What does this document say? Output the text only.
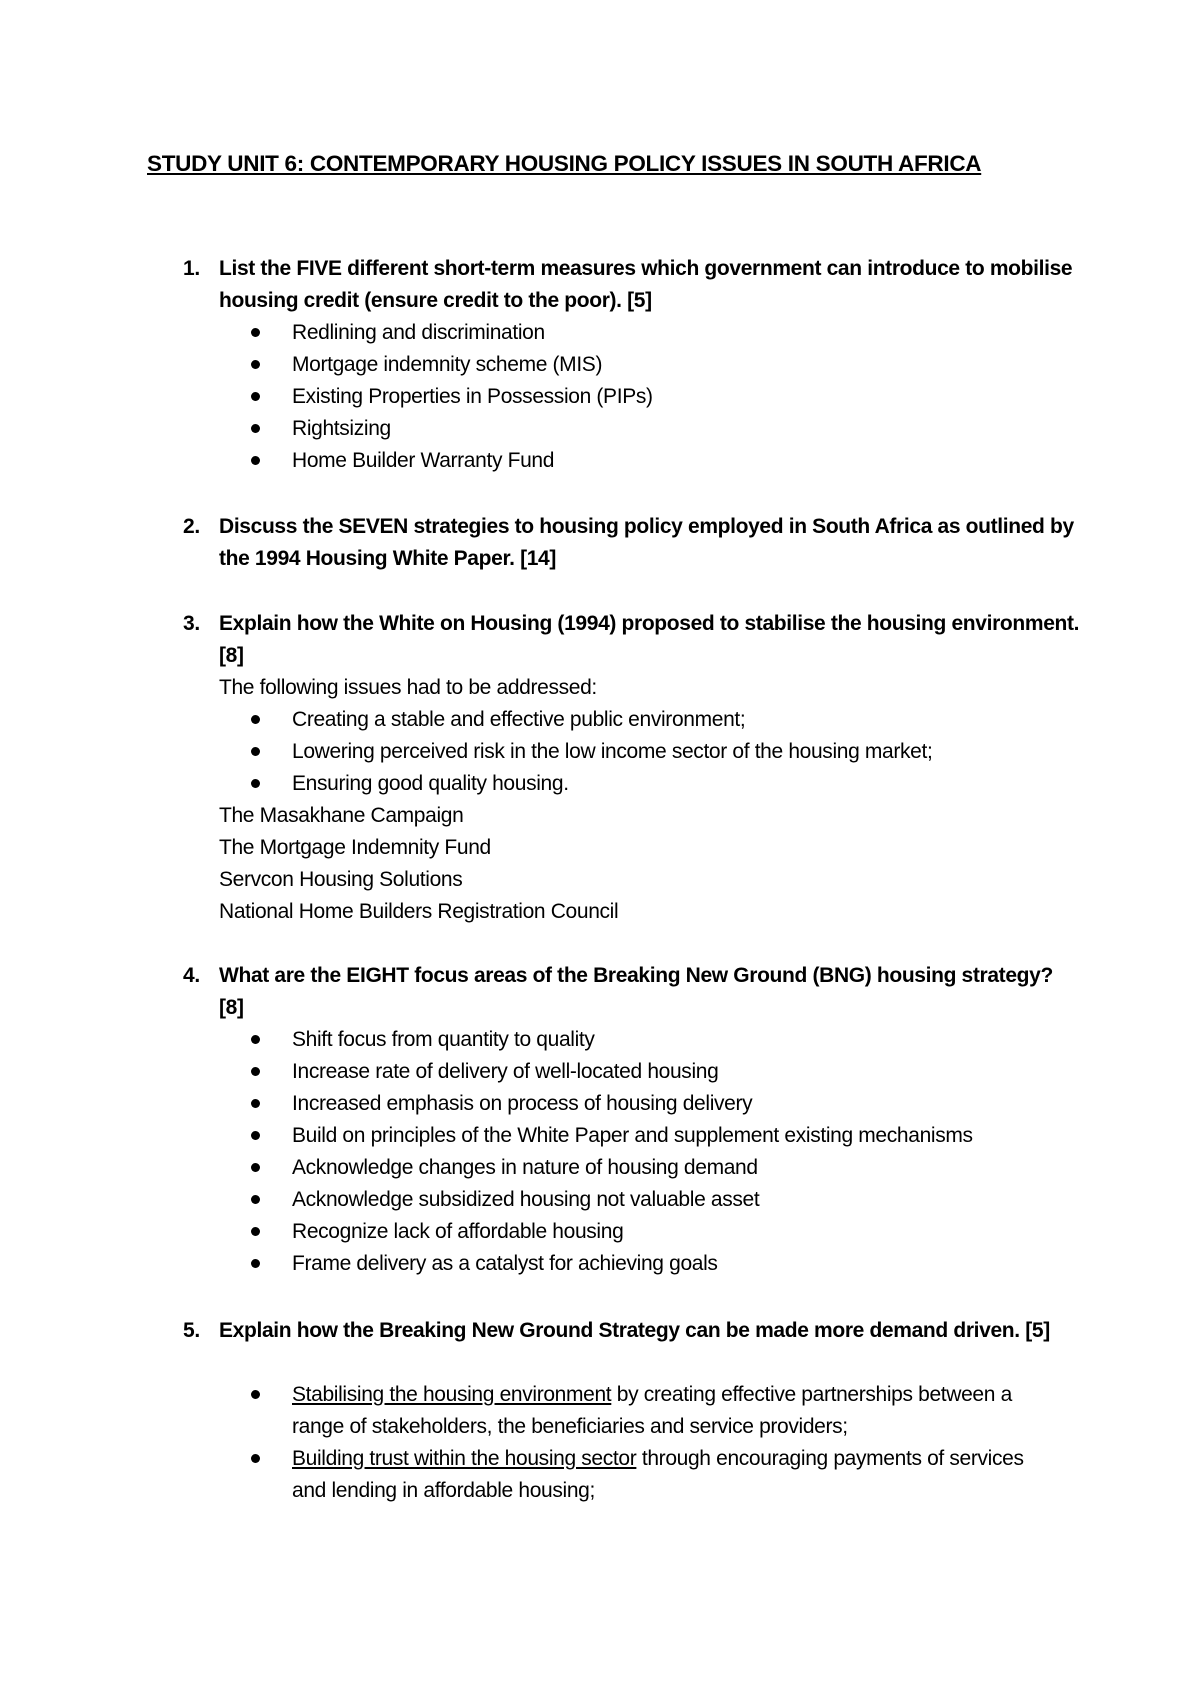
STUDY UNIT 6: CONTEMPORARY HOUSING POLICY ISSUES IN SOUTH AFRICA
1. List the FIVE different short-term measures which government can introduce to mobilise housing credit (ensure credit to the poor). [5]
Redlining and discrimination
Mortgage indemnity scheme (MIS)
Existing Properties in Possession (PIPs)
Rightsizing
Home Builder Warranty Fund
2. Discuss the SEVEN strategies to housing policy employed in South Africa as outlined by the 1994 Housing White Paper. [14]
3. Explain how the White on Housing (1994) proposed to stabilise the housing environment. [8]
The following issues had to be addressed:
Creating a stable and effective public environment;
Lowering perceived risk in the low income sector of the housing market;
Ensuring good quality housing.
The Masakhane Campaign
The Mortgage Indemnity Fund
Servcon Housing Solutions
National Home Builders Registration Council
4. What are the EIGHT focus areas of the Breaking New Ground (BNG) housing strategy? [8]
Shift focus from quantity to quality
Increase rate of delivery of well-located housing
Increased emphasis on process of housing delivery
Build on principles of the White Paper and supplement existing mechanisms
Acknowledge changes in nature of housing demand
Acknowledge subsidized housing not valuable asset
Recognize lack of affordable housing
Frame delivery as a catalyst for achieving goals
5. Explain how the Breaking New Ground Strategy can be made more demand driven. [5]
Stabilising the housing environment by creating effective partnerships between a range of stakeholders, the beneficiaries and service providers;
Building trust within the housing sector through encouraging payments of services and lending in affordable housing;
